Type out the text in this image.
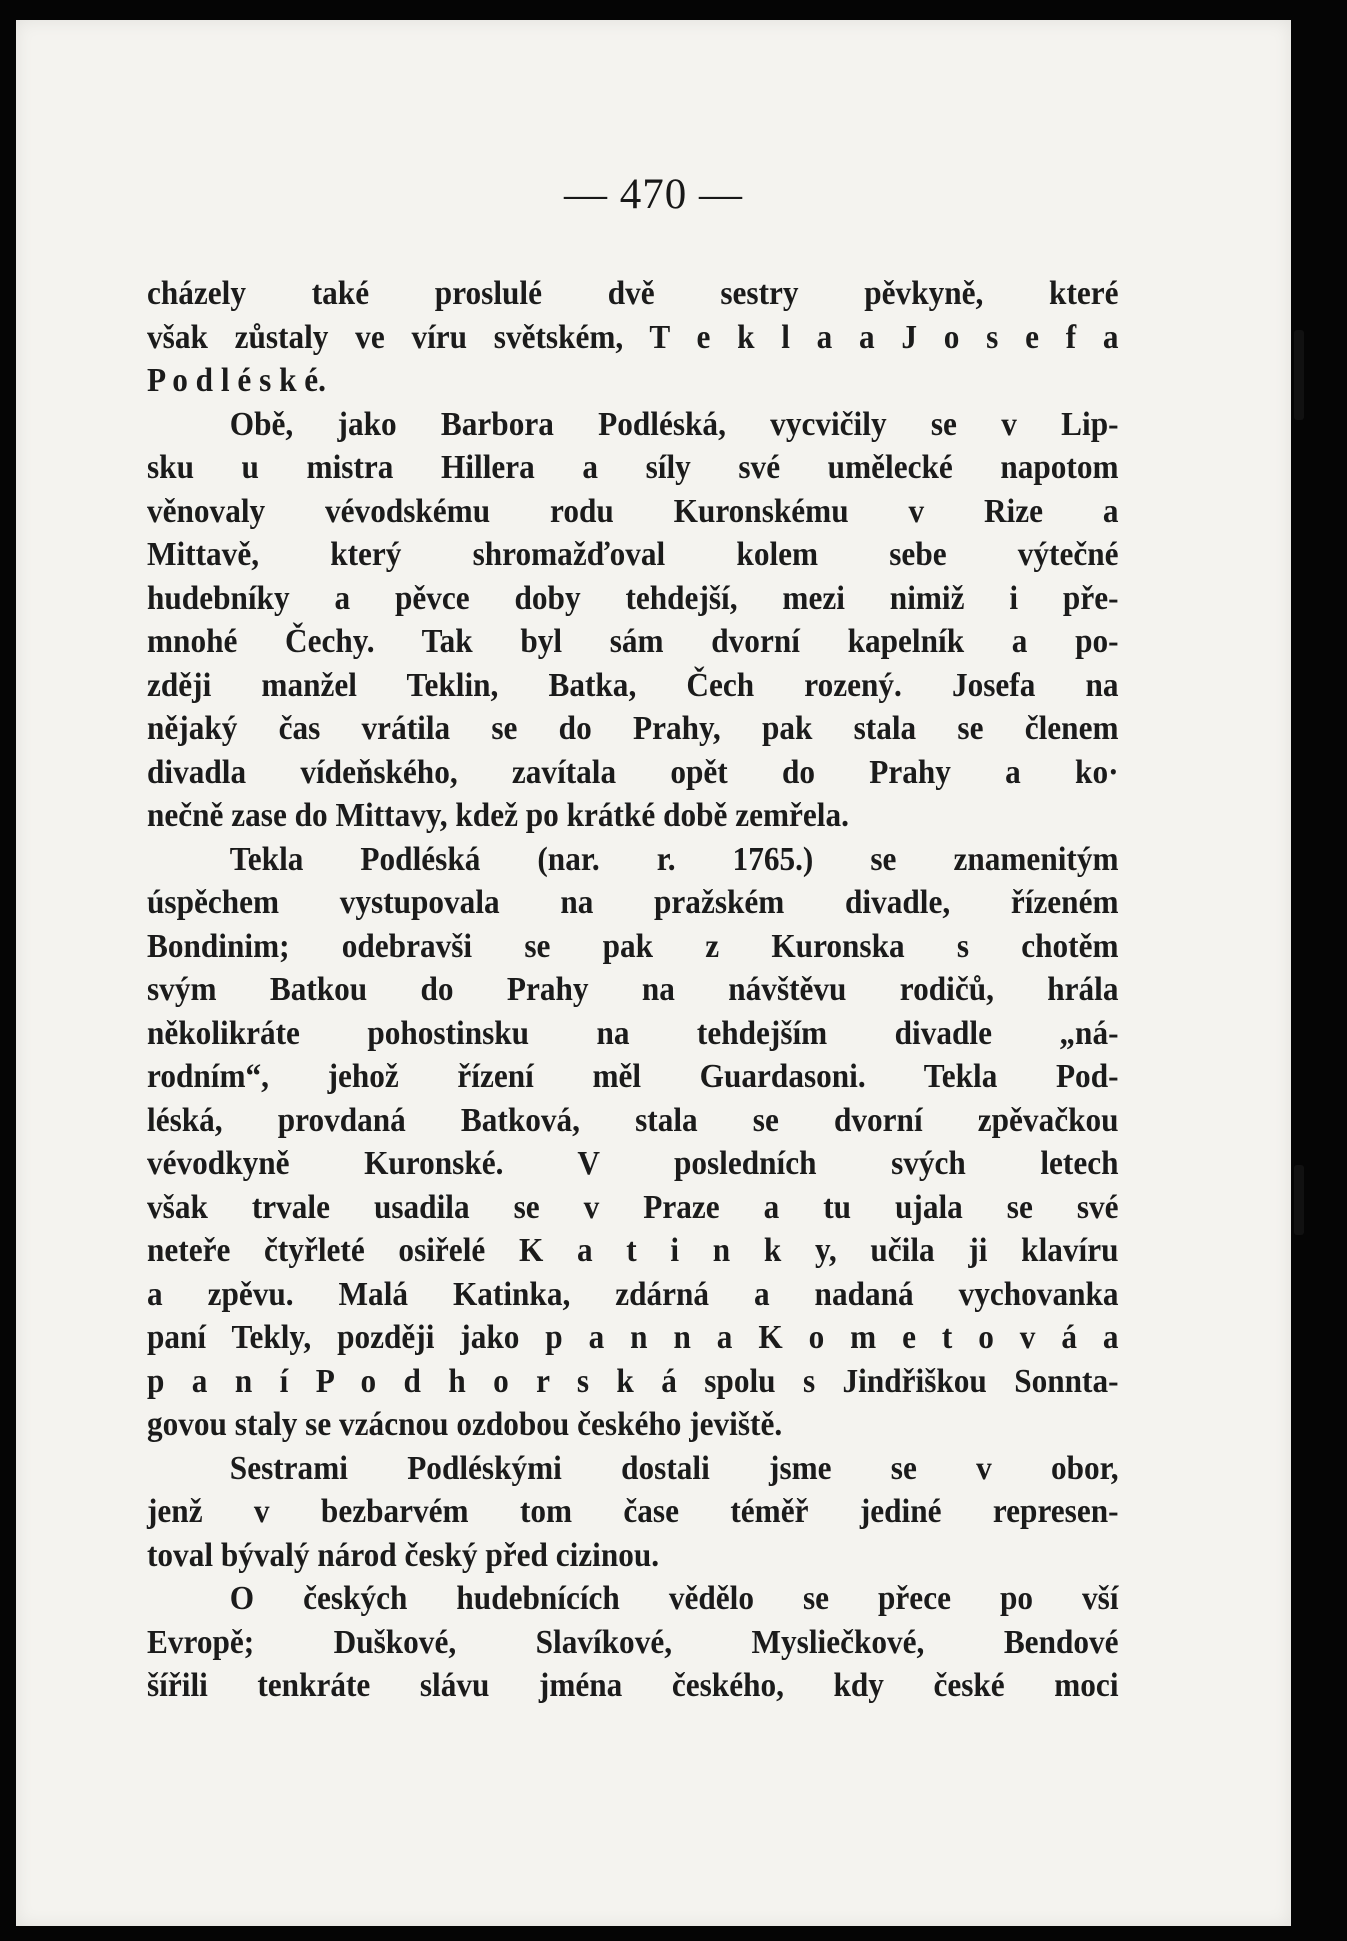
— 470 —
cházely také proslulé dvě sestry pěvkyně, které
však zůstaly ve víru světském, T e k l a a J o s e f a
P o d l é s k é.
Obě, jako Barbora Podléská, vycvičily se v Lip-
sku u mistra Hillera a síly své umělecké napotom
věnovaly vévodskému rodu Kuronskému v Rize a
Mittavě, který shromažďoval kolem sebe výtečné
hudebníky a pěvce doby tehdejší, mezi nimiž i pře-
mnohé Čechy. Tak byl sám dvorní kapelník a po-
zději manžel Teklin, Batka, Čech rozený. Josefa na
nějaký čas vrátila se do Prahy, pak stala se členem
divadla vídeňského, zavítala opět do Prahy a ko·
nečně zase do Mittavy, kdež po krátké době zemřela.
Tekla Podléská (nar. r. 1765.) se znamenitým
úspěchem vystupovala na pražském divadle, řízeném
Bondinim; odebravši se pak z Kuronska s chotěm
svým Batkou do Prahy na návštěvu rodičů, hrála
několikráte pohostinsku na tehdejším divadle „ná-
rodním“, jehož řízení měl Guardasoni. Tekla Pod-
léská, provdaná Batková, stala se dvorní zpěvačkou
vévodkyně Kuronské. V posledních svých letech
však trvale usadila se v Praze a tu ujala se své
neteře čtyřleté osiřelé K a t i n k y, učila ji klavíru
a zpěvu. Malá Katinka, zdárná a nadaná vychovanka
paní Tekly, později jako p a n n a K o m e t o v á a
p a n í P o d h o r s k á spolu s Jindřiškou Sonnta-
govou staly se vzácnou ozdobou českého jeviště.
Sestrami Podléskými dostali jsme se v obor,
jenž v bezbarvém tom čase téměř jediné represen-
toval bývalý národ český před cizinou.
O českých hudebnících vědělo se přece po vší
Evropě; Duškové, Slavíkové, Mysliečkové, Bendové
šířili tenkráte slávu jména českého, kdy české moci
